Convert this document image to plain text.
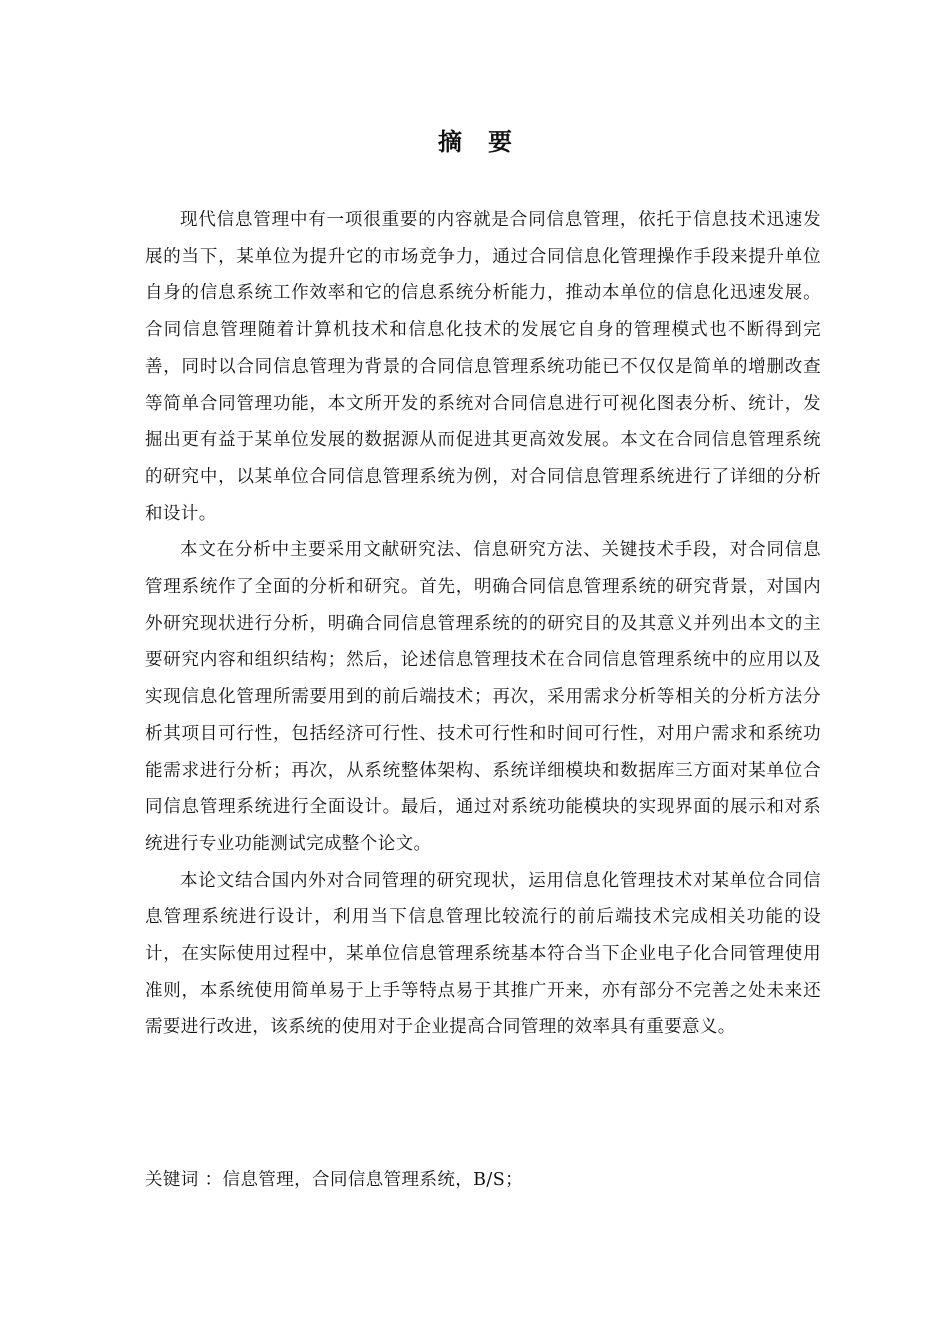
摘要

现代信息管理中有一项很重要的内容就是合同信息管理，依托于信息技术迅速发展的当下，某单位为提升它的市场竞争力，通过合同信息化管理操作手段来提升单位自身的信息系统工作效率和它的信息系统分析能力，推动本单位的信息化迅速发展。合同信息管理随着计算机技术和信息化技术的发展它自身的管理模式也不断得到完善，同时以合同信息管理为背景的合同信息管理系统功能已不仅仅是简单的增删改查等简单合同管理功能，本文所开发的系统对合同信息进行可视化图表分析、统计，发掘出更有益于某单位发展的数据源从而促进其更高效发展。本文在合同信息管理系统的研究中，以某单位合同信息管理系统为例，对合同信息管理系统进行了详细的分析和设计。

本文在分析中主要采用文献研究法、信息研究方法、关键技术手段，对合同信息管理系统作了全面的分析和研究。首先，明确合同信息管理系统的研究背景，对国内外研究现状进行分析，明确合同信息管理系统的的研究目的及其意义并列出本文的主要研究内容和组织结构；然后，论述信息管理技术在合同信息管理系统中的应用以及实现信息化管理所需要用到的前后端技术；再次，采用需求分析等相关的分析方法分析其项目可行性，包括经济可行性、技术可行性和时间可行性，对用户需求和系统功能需求进行分析；再次，从系统整体架构、系统详细模块和数据库三方面对某单位合同信息管理系统进行全面设计。最后，通过对系统功能模块的实现界面的展示和对系统进行专业功能测试完成整个论文。

本论文结合国内外对合同管理的研究现状，运用信息化管理技术对某单位合同信息管理系统进行设计，利用当下信息管理比较流行的前后端技术完成相关功能的设计，在实际使用过程中，某单位信息管理系统基本符合当下企业电子化合同管理使用准则，本系统使用简单易于上手等特点易于其推广开来，亦有部分不完善之处未来还需要进行改进，该系统的使用对于企业提高合同管理的效率具有重要意义。

关键词 ：信息管理，合同信息管理系统，B/S；
